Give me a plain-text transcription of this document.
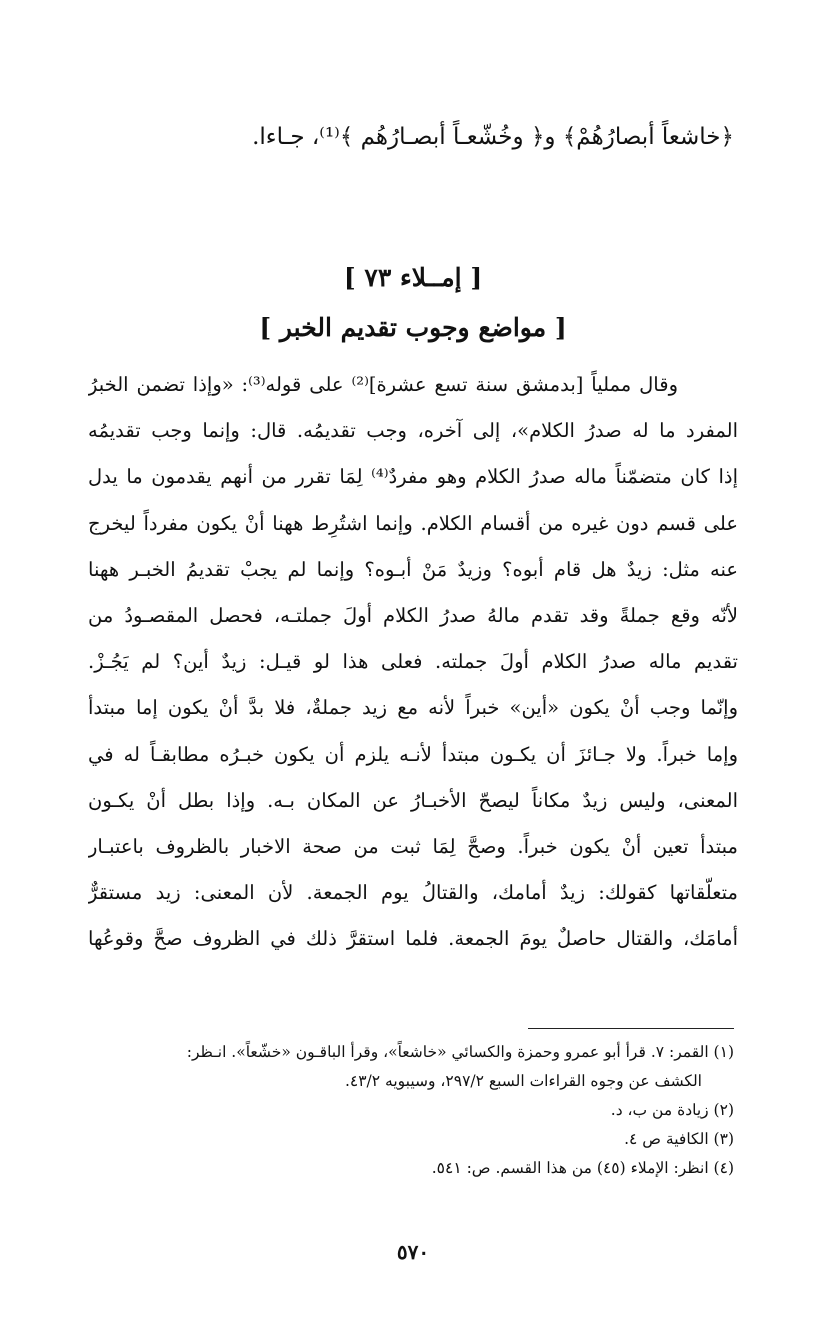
﴿خاشعاً أبصارُهُمْ﴾ و﴿ وخُشّعـاً أبصـارُهُم ﴾⁽¹⁾، جـاءا.
[ إمــلاء ٧٣ ]
[ مواضع وجوب تقديم الخبر ]
وقال مملياً [بدمشق سنة تسع عشرة]⁽²⁾ على قوله⁽³⁾: «وإذا تضمن الخبرُ
المفرد ما له صدرُ الكلام»، إلى آخره، وجب تقديمُه. قال: وإنما وجب تقديمُه
إذا كان متضمّناً ماله صدرُ الكلام وهو مفردٌ⁽⁴⁾ لِمَا تقرر من أنهم يقدمون ما يدل
على قسم دون غيره من أقسام الكلام. وإنما اشتُرِط ههنا أنْ يكون مفرداً ليخرج
عنه مثل: زيدٌ هل قام أبوه؟ وزيدٌ مَنْ أبـوه؟ وإنما لم يجبْ تقديمُ الخبـر ههنا
لأنّه وقع جملةً وقد تقدم مالهُ صدرُ الكلام أولَ جملتـه، فحصل المقصـودُ من
تقديم ماله صدرُ الكلام أولَ جملته. فعلى هذا لو قيـل: زيدٌ أين؟ لم يَجُـزْ.
وإنّما وجب أنْ يكون «أين» خبراً لأنه مع زيد جملةٌ، فلا بدَّ أنْ يكون إما مبتدأ
وإما خبراً. ولا جـائزَ أن يكـون مبتدأ لأنـه يلزم أن يكون خبـرُه مطابقـاً له في
المعنى، وليس زيدٌ مكاناً ليصحّ الأخبـارُ عن المكان بـه. وإذا بطل أنْ يكـون
مبتدأ تعين أنْ يكون خبراً. وصحَّ لِمَا ثبت من صحة الاخبار بالظروف باعتبـار
متعلّقاتها كقولك: زيدٌ أمامك، والقتالُ يوم الجمعة. لأن المعنى: زيد مستقرٌّ
أمامَك، والقتال حاصلٌ يومَ الجمعة. فلما استقرَّ ذلك في الظروف صحَّ وقوعُها
(١) القمر: ٧. قرأ أبو عمرو وحمزة والكسائي «خاشعاً»، وقرأ الباقـون «خشّعاً». انـظر:
الكشف عن وجوه القراءات السبع ٢٩٧/٢، وسيبويه ٤٣/٢.
(٢) زيادة من ب، د.
(٣) الكافية ص ٤.
(٤) انظر: الإملاء (٤٥) من هذا القسم. ص: ٥٤١.
٥٧٠
